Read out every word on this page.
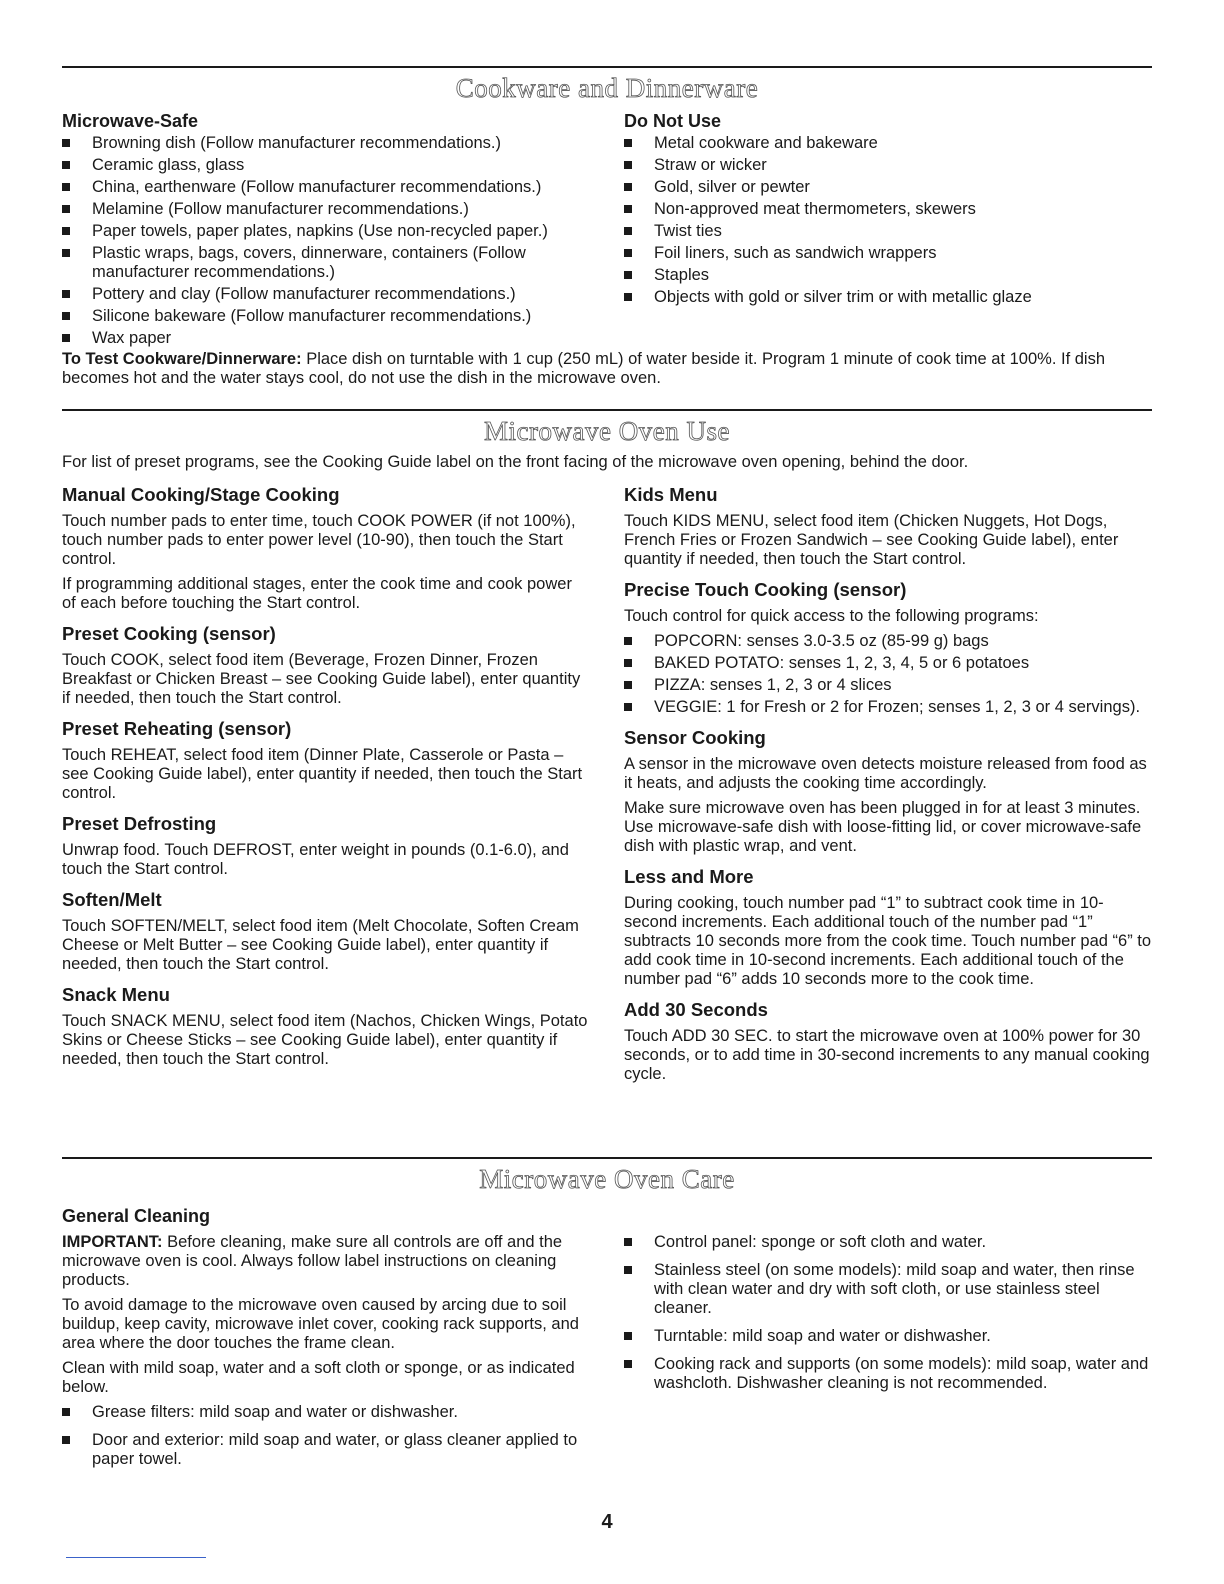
Cookware and Dinnerware
Microwave-Safe
Browning dish (Follow manufacturer recommendations.)
Ceramic glass, glass
China, earthenware (Follow manufacturer recommendations.)
Melamine (Follow manufacturer recommendations.)
Paper towels, paper plates, napkins (Use non-recycled paper.)
Plastic wraps, bags, covers, dinnerware, containers (Follow manufacturer recommendations.)
Pottery and clay (Follow manufacturer recommendations.)
Silicone bakeware (Follow manufacturer recommendations.)
Wax paper
Do Not Use
Metal cookware and bakeware
Straw or wicker
Gold, silver or pewter
Non-approved meat thermometers, skewers
Twist ties
Foil liners, such as sandwich wrappers
Staples
Objects with gold or silver trim or with metallic glaze

To Test Cookware/Dinnerware: Place dish on turntable with 1 cup (250 mL) of water beside it. Program 1 minute of cook time at 100%. If dish becomes hot and the water stays cool, do not use the dish in the microwave oven.

Microwave Oven Use

For list of preset programs, see the Cooking Guide label on the front facing of the microwave oven opening, behind the door.

Manual Cooking/Stage Cooking

Touch number pads to enter time, touch COOK POWER (if not 100%), touch number pads to enter power level (10-90), then touch the Start control.

If programming additional stages, enter the cook time and cook power of each before touching the Start control.

Preset Cooking (sensor)

Touch COOK, select food item (Beverage, Frozen Dinner, Frozen Breakfast or Chicken Breast – see Cooking Guide label), enter quantity if needed, then touch the Start control.

Preset Reheating (sensor)

Touch REHEAT, select food item (Dinner Plate, Casserole or Pasta – see Cooking Guide label), enter quantity if needed, then touch the Start control.

Preset Defrosting

Unwrap food. Touch DEFROST, enter weight in pounds (0.1-6.0), and touch the Start control.

Soften/Melt

Touch SOFTEN/MELT, select food item (Melt Chocolate, Soften Cream Cheese or Melt Butter – see Cooking Guide label), enter quantity if needed, then touch the Start control.

Snack Menu

Touch SNACK MENU, select food item (Nachos, Chicken Wings, Potato Skins or Cheese Sticks – see Cooking Guide label), enter quantity if needed, then touch the Start control.

Kids Menu

Touch KIDS MENU, select food item (Chicken Nuggets, Hot Dogs, French Fries or Frozen Sandwich – see Cooking Guide label), enter quantity if needed, then touch the Start control.

Precise Touch Cooking (sensor)

Touch control for quick access to the following programs:

POPCORN: senses 3.0-3.5 oz (85-99 g) bags
BAKED POTATO: senses 1, 2, 3, 4, 5 or 6 potatoes
PIZZA: senses 1, 2, 3 or 4 slices
VEGGIE: 1 for Fresh or 2 for Frozen; senses 1, 2, 3 or 4 servings).
Sensor Cooking

A sensor in the microwave oven detects moisture released from food as it heats, and adjusts the cooking time accordingly.

Make sure microwave oven has been plugged in for at least 3 minutes. Use microwave-safe dish with loose-fitting lid, or cover microwave-safe dish with plastic wrap, and vent.

Less and More

During cooking, touch number pad “1” to subtract cook time in 10-second increments. Each additional touch of the number pad “1” subtracts 10 seconds more from the cook time. Touch number pad “6” to add cook time in 10-second increments. Each additional touch of the number pad “6” adds 10 seconds more to the cook time.

Add 30 Seconds

Touch ADD 30 SEC. to start the microwave oven at 100% power for 30 seconds, or to add time in 30-second increments to any manual cooking cycle.

Microwave Oven Care
General Cleaning

IMPORTANT: Before cleaning, make sure all controls are off and the microwave oven is cool. Always follow label instructions on cleaning products.

To avoid damage to the microwave oven caused by arcing due to soil buildup, keep cavity, microwave inlet cover, cooking rack supports, and area where the door touches the frame clean.

Clean with mild soap, water and a soft cloth or sponge, or as indicated below.

Grease filters: mild soap and water or dishwasher.
Door and exterior: mild soap and water, or glass cleaner applied to paper towel.
Control panel: sponge or soft cloth and water.
Stainless steel (on some models): mild soap and water, then rinse with clean water and dry with soft cloth, or use stainless steel cleaner.
Turntable: mild soap and water or dishwasher.
Cooking rack and supports (on some models): mild soap, water and washcloth. Dishwasher cleaning is not recommended.
4
